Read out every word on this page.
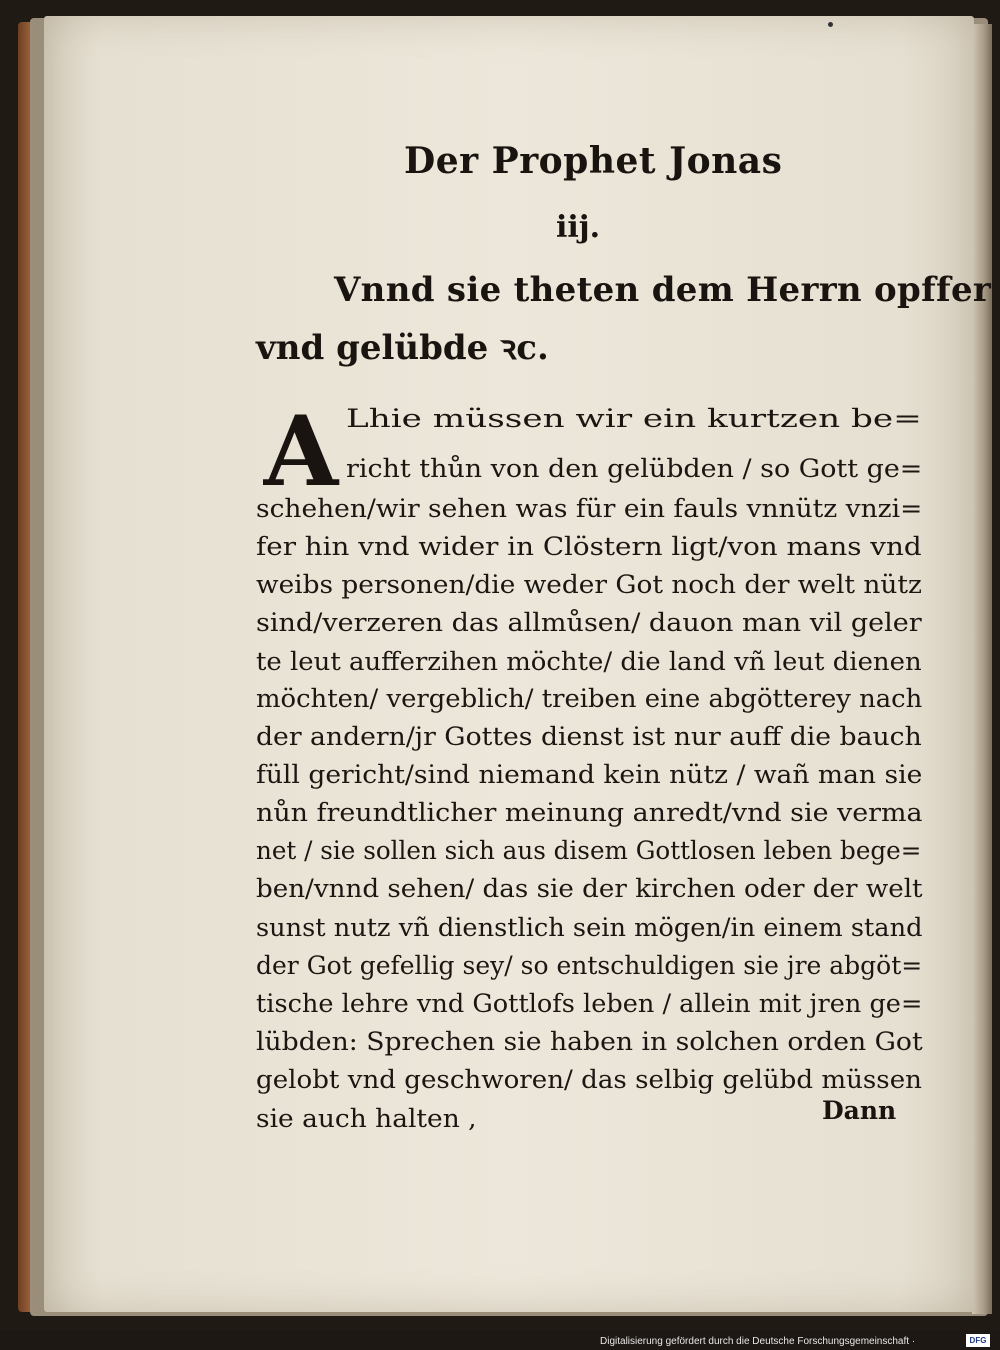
Der Prophet Jonas
iij.
Vnnd sie theten dem Herrn opffer
vnd gelübde ꝛc.
A Lhie müssen wir ein kurtzen be=
richt thůn von den gelübden / so Gott ge=
schehen/wir sehen was für ein fauls vnnütz vnzi=
fer hin vnd wider in Clöstern ligt/von mans vnd
weibs personen/die weder Got noch der welt nütz
sind/verzeren das allmůsen/ dauon man vil geler
te leut aufferzihen möchte/ die land vñ leut dienen
möchten/ vergeblich/ treiben eine abgötterey nach
der andern/jr Gottes dienst ist nur auff die bauch
füll gericht/sind niemand kein nütz / wañ man sie
nůn freundtlicher meinung anredt/vnd sie verma
net / sie sollen sich aus disem Gottlosen leben bege=
ben/vnnd sehen/ das sie der kirchen oder der welt
sunst nutz vñ dienstlich sein mögen/in einem stand
der Got gefellig sey/ so entschuldigen sie jre abgöt=
tische lehre vnd Gottlofs leben / allein mit jren ge=
lübden: Sprechen sie haben in solchen orden Got
gelobt vnd geschworen/ das selbig gelübd müssen
sie auch halten ,	Dann
Digitalisierung gefördert durch die Deutsche Forschungsgemeinschaft ·	DFG
